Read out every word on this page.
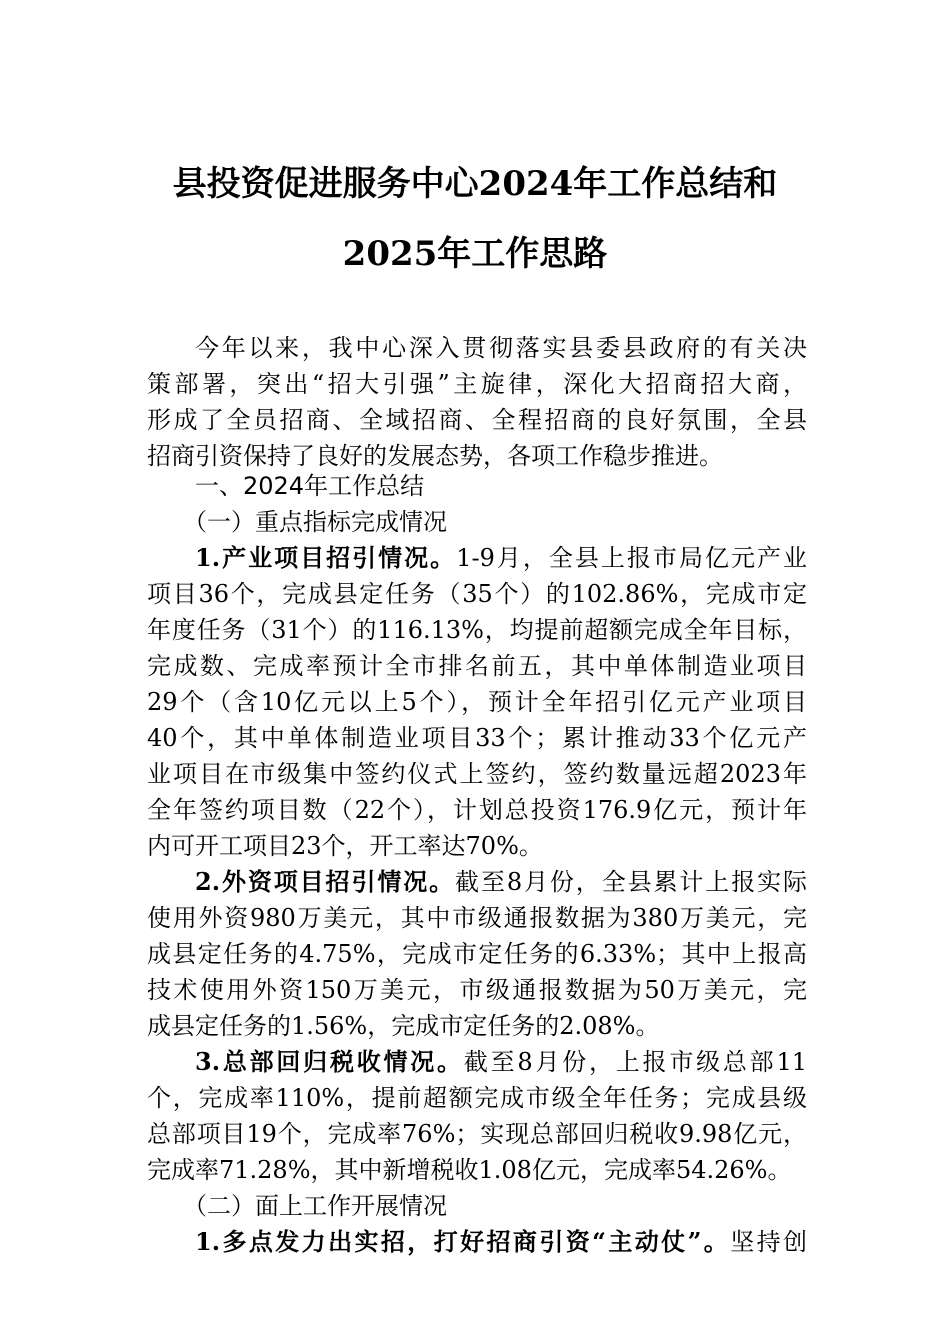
县投资促进服务中心2024年工作总结和
2025年工作思路
今年以来，我中心深入贯彻落实县委县政府的有关决
策部署，突出“招大引强”主旋律，深化大招商招大商，
形成了全员招商、全域招商、全程招商的良好氛围，全县
招商引资保持了良好的发展态势，各项工作稳步推进。
一、2024年工作总结
（一）重点指标完成情况
1.产业项目招引情况。1-9月，全县上报市局亿元产业
项目36个，完成县定任务（35个）的102.86%，完成市定
年度任务（31个）的116.13%，均提前超额完成全年目标，
完成数、完成率预计全市排名前五，其中单体制造业项目
29个（含10亿元以上5个），预计全年招引亿元产业项目
40个，其中单体制造业项目33个；累计推动33个亿元产
业项目在市级集中签约仪式上签约，签约数量远超2023年
全年签约项目数（22个），计划总投资176.9亿元，预计年
内可开工项目23个，开工率达70%。
2.外资项目招引情况。截至8月份，全县累计上报实际
使用外资980万美元，其中市级通报数据为380万美元，完
成县定任务的4.75%，完成市定任务的6.33%；其中上报高
技术使用外资150万美元，市级通报数据为50万美元，完
成县定任务的1.56%，完成市定任务的2.08%。
3.总部回归税收情况。截至8月份，上报市级总部11
个，完成率110%，提前超额完成市级全年任务；完成县级
总部项目19个，完成率76%；实现总部回归税收9.98亿元，
完成率71.28%，其中新增税收1.08亿元，完成率54.26%。
（二）面上工作开展情况
1.多点发力出实招，打好招商引资“主动仗”。坚持创
